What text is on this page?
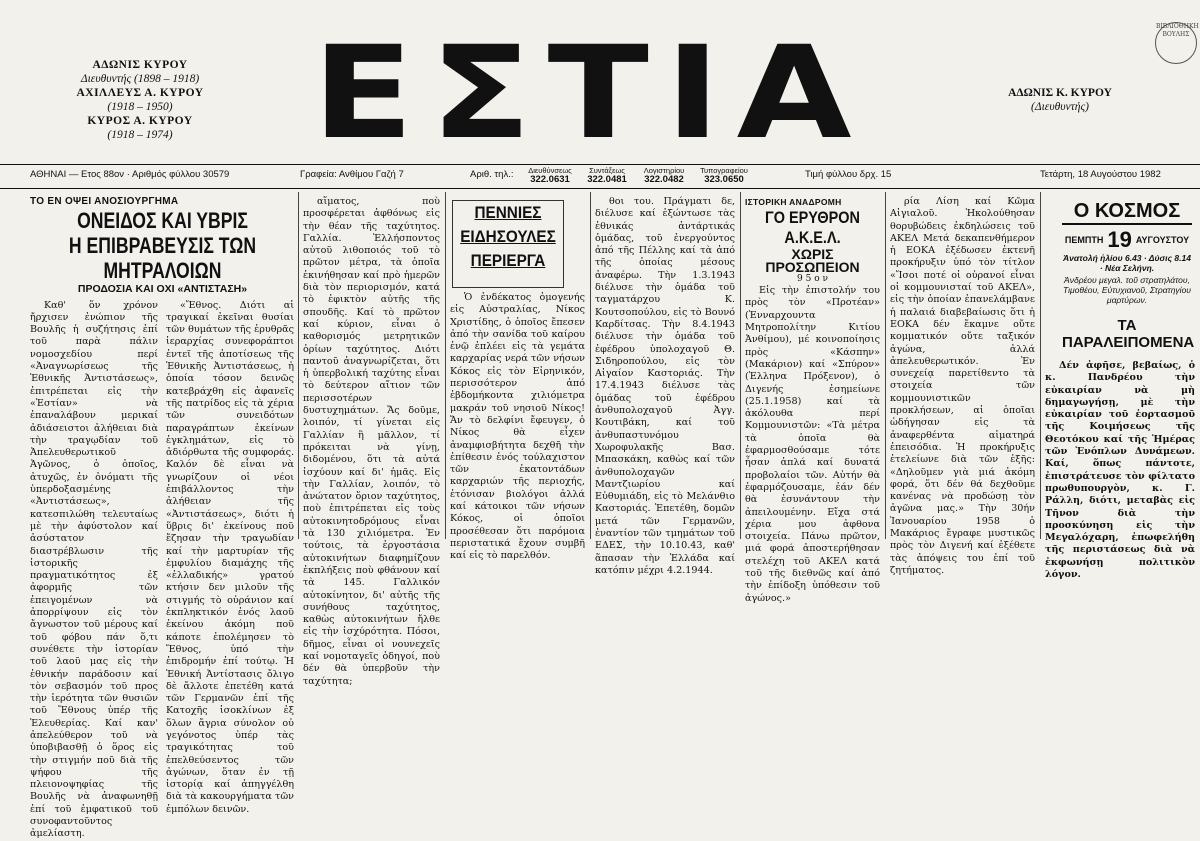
ΑΔΩΝΙΣ ΚΥΡΟΥ
Διευθυντής (1898 – 1918)
ΑΧΙΛΛΕΥΣ Α. ΚΥΡΟΥ
(1918 – 1950)
ΚΥΡΟΣ Α. ΚΥΡΟΥ
(1918 – 1974)	ΕΣΤΙΑ	ΑΔΩΝΙΣ Κ. ΚΥΡΟΥ
(Διευθυντής)
ΒΙΒΛΙΟΘΗΚΗ ΒΟΥΛΗΣ
ΑΘΗΝΑΙ — Ετος 88ον · Αριθμός φύλλου 30579	Γραφεία: Ανθίμου Γαζή 7	Αριθ. τηλ.:	Διευθύνσεως
322.0631
Συντάξεως
322.0481
Λογιστηρίου
322.0482
Τυπογραφείου
323.0650	Τιμή φύλλου δρχ. 15	Τετάρτη, 18 Αυγούστου 1982
ΤΟ ΕΝ ΟΨΕΙ ΑΝΟΣΙΟΥΡΓΗΜΑ
ΟΝΕΙΔΟΣ ΚΑΙ ΥΒΡΙΣ
Η ΕΠΙΒΡΑΒΕΥΣΙΣ ΤΩΝ ΜΗΤΡΑΛΟΙΩΝ
ΠΡΟΔΟΣΙΑ ΚΑΙ ΟΧΙ «ΑΝΤΙΣΤΑΣΗ»

Καθ' ὅν χρόνον ἤρχισεν ἐνώπιον τῆς Βουλῆς ἡ συζήτησις ἐπί τοῦ παρὰ πάλιν νομοσχεδίου περί «Ἀναγνωρίσεως τῆς Ἐθνικῆς Ἀντιστάσεως», ἐπιτρέπεται εἰς τὴν «Ἑστίαν» νὰ ἐπαναλάβουν μερικαί ἀδιάσειστοι ἀλήθειαι διὰ τὴν τραγῳδίαν τοῦ Ἀπελευθερωτικοῦ Ἀγῶνος, ὁ ὁποῖος, ἀτυχῶς, ἐν ὀνόματι τῆς ὑπερδοξασμένης «Ἀντιστάσεως», κατεσπιλώθη τελευταίως μὲ τὴν ἀφύστολον καί ἀσύστατον διαστρέβλωσιν τῆς ἱστορικῆς πραγματικότητος ἐξ ἀφορμῆς τῶν ἐπειγομένων νὰ ἀπορρίψουν εἰς τὸν ἄγνωστον τοῦ μέρους καί τοῦ φόβου πάν ὅ,τι συνέθετε τὴν ἱστορίαν τοῦ λαοῦ μας εἰς τὴν ἐθνικήν παράδοσιν καί τὸν σεβασμόν τοῦ προς τὴν ἱερότητα τῶν θυσιῶν τοῦ Ἔθνους ὑπέρ τῆς Ἐλευθερίας. Καί καν' ἀπελεύθερον τοῦ νὰ ὑποβιβασθῇ ὁ ὅρος εἰς τὴν στιγμήν ποῦ διὰ τῆς ψήφου τῆς πλειονοψηφίας τῆς Βουλῆς νὰ ἀναφωνηθῇ ἐπί τοῦ ἐμφατικοῦ τοῦ συνοφαντοῦντος ἀμελίαστη.

«Ἔθνος. Διότι αἱ τραγικαί ἐκεῖναι θυσίαι τῶν θυμάτων τῆς ἐρυθρᾶς ἱεραρχίας συνεφοράπτοι ἐντεῖ τῆς ἀποτίσεως τῆς Ἐθνικῆς Ἀντιστάσεως, ἡ ὁποία τόσον δεινῶς κατεβράχθη εἰς ἀφανεῖς τῆς πατρίδος εἰς τὰ χέρια τῶν συνειδότων παραγράπτων ἐκείνων ἐγκλημάτων, εἰς τὸ ἀδιόρθωτα τῆς συμφοράς. Καλόν δὲ εἶναι νὰ γνωρίζουν οἱ νέοι ἐπιβάλλοντος τὴν ἀλήθειαν τῆς «Ἀντιστάσεως», διότι ἡ ὕβρις δι' ἐκείνους ποῦ ἔζησαν τὴν τραγωδίαν καί τὴν μαρτυρίαν τῆς ἐμφυλίου διαμάχης τῆς «ἑλλαδικής» γρατού κτήσιν δεν μιλοῦν τῆς στιγμής τὸ οὐράνιον καί ἐκπληκτικόν ἑνός λαοῦ ἐκείνου ἀκόμη ποῦ κάποτε ἐπολέμησεν τὸ Ἔθνος, ὑπό τὴν ἐπιδρομήν ἐπί τούτῳ. Ἡ Ἐθνική Ἀντίστασις ὄλιγο δὲ ἄλλοτε ἐπετέθη κατά τῶν Γερμανῶν ἐπί τῆς Κατοχῆς ἰσοκλίνων ἐξ ὅλων ἄγρια σύνολον οὐ γεγόνοτος ὑπέρ τὰς τραγικότητας τοῦ ἐπελθεύσεντος τῶν ἀγώνων, ὅταν ἐν τῇ ἱστορίᾳ καί ἀπηγγέλθη διὰ τὰ κακουργήματα τῶν ἐμπόλων δεινῶν.

αἵματος, ποὺ προσφέρεται ἀφθόνως εἰς τὴν θέαν τῆς ταχύτητος. Γαλλία. Ἐλλήσποντος αὐτοῦ λιθοποιός τοῦ τὸ πρῶτον μέτρα, τὰ ὁποῖα ἐκινήθησαν καί πρὸ ἡμερῶν διὰ τὸν περιορισμόν, κατά τὸ ἐφικτὸν αὐτῆς τῆς σπουδῆς. Καί τὸ πρῶτον καί κύριον, εἶναι ὁ καθορισμός μετρητικῶν ὁρίων ταχύτητος. Διότι παντοῦ ἀναγνωρίζεται, ὅτι ἡ ὑπερβολική ταχύτης εἶναι τὸ δεύτερον αἴτιον τῶν περισσοτέρων δυστυχημάτων. Ἄς δοῦμε, λοιπόν, τί γίνεται εἰς Γαλλίαν ἢ μᾶλλον, τί πρόκειται νὰ γίνῃ, διδομένου, ὅτι τὰ αὐτά ἰσχύουν καί δι' ἡμᾶς. Εἰς τὴν Γαλλίαν, λοιπόν, τὸ ἀνώτατον ὅριον ταχύτητος, ποὺ ἐπιτρέπεται εἰς τοὺς αὐτοκινητοδρόμους εἶναι τὰ 130 χιλιόμετρα. Ἐν τούτοις, τὰ ἐργοστάσια αὐτοκινήτων διαφημίζουν ἐκπλήξεις ποὺ φθάνουν καί τὰ 145. Γαλλικόν αὐτοκίνητον, δι' αὐτῆς τῆς συνήθους ταχύτητος, καθὼς αὐτοκινήτων ἤλθε εἰς τὴν ἰσχύρότητα. Πόσοι, δῆμος, εἶναι οἱ νουνεχεῖς καί νομοταγεῖς ὁδηγοί, ποὺ δέν θὰ ὑπερβοῦν τὴν ταχύτητα;

ΠΕΝΝΙΕΣ
ΕΙΔΗΣΟΥΛΕΣ
ΠΕΡΙΕΡΓΑ

Ὁ ἐνδέκατος ὁμογενής εἰς Αὐστραλίας, Νίκος Χριστίδης, ὁ ὁποῖος ἔπεσεν ἀπό τὴν σανίδα τοῦ καίρου ἐνῷ ἐπλέει εἰς τὰ γεμάτα καρχαρίας νερά τῶν νήσων Κόκος εἰς τὸν Εἰρηνικόν, περισσότερον ἀπό ἑβδομήκοντα χιλιόμετρα μακράν τοῦ νησιοῦ Νίκος! Ἄν τὸ δελφίνι ἔφευγεν, ὁ Νίκος θὰ εἶχεν ἀναμφισβήτητα δεχθῆ τὴν ἐπίθεσιν ἑνός τούλαχιστον τῶν ἑκατοντάδων καρχαριών τῆς περιοχής, ἐτόνισαν βιολόγοι ἀλλά καί κάτοικοι τῶν νήσων Κόκος, οἱ ὁποῖοι προσέθεσαν ὅτι παρόμοια περιστατικά ἔχουν συμβῆ καί εἰς τὸ παρελθόν.

θοι του. Πράγματι δε, διέλυσε καί ἐξώντωσε τὰς ἐθνικάς ἀντάρτικάς ὁμάδας, τοῦ ἐνεργούντος ἀπό τῆς Πέλλης καί τὰ ἀπό τῆς ὁποίας μέσους ἀναφέρω. Τὴν 1.3.1943 διέλυσε τὴν ὁμάδα τοῦ ταγματάρχου Κ. Κουτσοπούλου, εἰς τὸ Βουνό Καρδίτσας. Τὴν 8.4.1943 διέλυσε τὴν ὁμάδα τοῦ ἐφέδρου ὑπολοχαγοῦ Θ. Σιδηροπούλου, εἰς τὸν Αἰγαίον Καστοριάς. Τὴν 17.4.1943 διέλυσε τὰς ὁμάδας τοῦ ἐφέδρου ἀνθυπολοχαγοῦ Ἀγγ. Κουτιβάκη, καί τοῦ ἀνθυπαστυνόμου Χωροφυλακῆς Βασ. Μπασκάκη, καθὼς καί τῶν ἀνθυπολοχαγῶν Μαντζιωρίου καί Εὐθυμιάδη, εἰς τὸ Μελάνθιο Καστοριάς. Ἐπετέθη, δομῶν μετά τῶν Γερμανῶν, ἐναντίον τῶν τμημάτων τοῦ ΕΔΕΣ, τὴν 10.10.43, καθ' ἅπασαν τὴν Ἐλλάδα καί κατόπιν μέχρι 4.2.1944.

ΙΣΤΟΡΙΚΗ ΑΝΑΔΡΟΜΗ
ΓΟ ΕΡΥΘΡΟΝ Α.Κ.Ε.Λ.
ΧΩΡΙΣ ΠΡΟΣΩΠΕΙΟΝ
9 5 ο ν

Εἰς τὴν ἐπιστολήν του πρὸς τὸν «Προτέαν» (Ἑνναρχουντα Μητροπολίτην Κιτίου Ἀνθίμου), μέ κοινοποίησις πρὸς «Κάσπην» (Μακάριον) καί «Σπύρον» (Ἑλληνα Πρόξενον), ὁ Διγενής ἐσημείωνε (25.1.1958) καί τὰ ἀκόλουθα περί Κομμουνιστῶν: «Τὰ μέτρα τὰ ὁποῖα θὰ ἐφαρμοσθούσαμε τότε ἦσαν ἁπλά καί δυνατά προβολαίοι τῶν. Αὐτήν θὰ ἐφαρμόζουσαμε, ἐάν δέν θὰ ἐσυνάντουν τὴν ἀπειλουμένην. Εἴχα στά χέρια μου ἀφθονα στοιχεία. Πάνω πρῶτον, μιά φορά ἀποστερήθησαν στελέχη τοῦ ΑΚΕΛ κατά τοῦ τῆς διεθνῶς καί ἀπό τὴν ἐπίδοξη ὑπόθεσιν τοῦ ἀγώνος.»

ρία Λίση καί Κῶμα Αἰγιαλοῦ. Ἠκολούθησαν θορυβώδεις ἐκδηλώσεις τοῦ ΑΚΕΛ Μετά δεκαπενθήμερον ἡ ΕΟΚΑ ἐξέδωσεν ἐκτενῆ προκήρυξιν ὑπό τὸν τίτλον «Ἴσοι ποτέ οἱ οὐρανοί εἶναι οἱ κομμουνισταί τοῦ ΑΚΕΛ», εἰς τὴν ὁποίαν ἐπανελάμβανε ἡ παλαιά διαβεβαίωσις ὅτι ἡ ΕΟΚΑ δέν ἔκαμνε οὔτε κομματικόν οὔτε ταξικόν ἀγώνα, ἀλλά ἀπελευθερωτικόν. Ἐν συνεχείᾳ παρετίθεντο τὰ στοιχεία τῶν κομμουνιστικῶν προκλήσεων, αἱ ὁποῖαι ὡδήγησαν εἰς τὰ ἀναφερθέντα αἱματηρά ἐπεισόδια. Ἡ προκήρυξις ἐτελείωνε διὰ τῶν ἑξῆς: «Δηλοῦμεν γιὰ μιά ἀκόμη φορά, ὅτι δέν θά δεχθοῦμε κανένας νὰ προδώσῃ τὸν ἀγῶνα μας.» Τὴν 30ήν Ἰανουαρίου 1958 ὁ Μακάριος ἔγραφε μυστικῶς πρὸς τὸν Διγενή καί ἐξέθετε τὰς ἀπόψεις του ἐπί τοῦ ζητήματος.

Ο ΚΟΣΜΟΣ
ΠΕΜΠΤΗ 19 ΑΥΓΟΥΣΤΟΥ
Ἀνατολή ἡλίου 6.43 · Δύσις 8.14 · Νέα Σελήνη.
Ἀνδρέου μεγαλ. τοῦ στρατηλάτου, Τιμοθέου, Εὐτυχιανοῦ, Στρατηγίου μαρτύρων.
ΤΑ ΠΑΡΑΛΕΙΠΟΜΕΝΑ

Δέν ἀφῆσε, βεβαίως, ὁ κ. Πανδρέου τὴν εὐκαιρίαν νὰ μὴ δημαγωγήσῃ, μὲ τὴν εὐκαιρίαν τοῦ ἑορτασμοῦ τῆς Κοιμήσεως τῆς Θεοτόκου καί τῆς Ἡμέρας τῶν Ἐνόπλων Δυνάμεων. Καί, ὅπως πάντοτε, ἐπιστράτευσε τὸν φίλτατο πρωθυπουργὸν, κ. Γ. Ράλλη, διότι, μεταβὰς εἰς Τῆνον διὰ τὴν προσκύνηση εἰς τὴν Μεγαλόχαρη, ἐπωφελήθη τῆς περιστάσεως διὰ νὰ ἐκφωνήσῃ πολιτικὸν λόγον.
